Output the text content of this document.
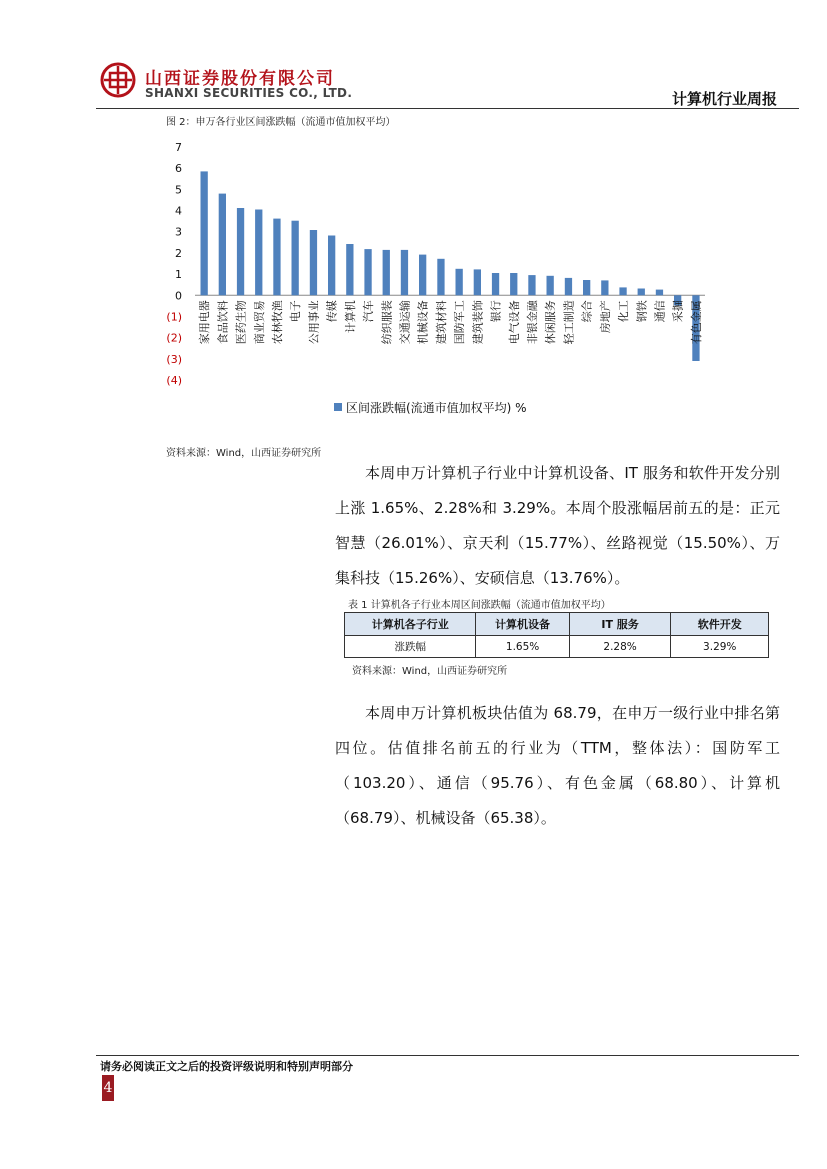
山西证券股份有限公司
SHANXI SECURITIES CO., LTD.	计算机行业周报
图 2：申万各行业区间涨跌幅（流通市值加权平均）
7
6
5
4
3
2
1
0
(1)
(2)
(3)
(4)
家用电器 食品饮料 医药生物 商业贸易 农林牧渔 电子 公用事业 传媒 计算机 汽车 纺织服装 交通运输 机械设备 建筑材料 国防军工 建筑装饰 银行 电气设备 非银金融 休闲服务 轻工制造 综合 房地产 化工 钢铁 通信 采掘 有色金属
区间涨跌幅(流通市值加权平均) %
资料来源：Wind，山西证券研究所

本周申万计算机子行业中计算机设备、IT 服务和软件开发分别上涨 1.65%、2.28%和 3.29%。本周个股涨幅居前五的是：正元智慧（26.01%）、京天利（15.77%）、丝路视觉（15.50%）、万集科技（15.26%）、安硕信息（13.76%）。

表 1 计算机各子行业本周区间涨跌幅（流通市值加权平均）
计算机各子行业	计算机设备	IT 服务	软件开发
涨跌幅	1.65%	2.28%	3.29%
资料来源：Wind，山西证券研究所

本周申万计算机板块估值为 68.79，在申万一级行业中排名第四位。估值排名前五的行业为（TTM，整体法）：国防军工（103.20）、通信（95.76）、有色金属（68.80）、计算机（68.79）、机械设备（65.38）。

请务必阅读正文之后的投资评级说明和特别声明部分
4
